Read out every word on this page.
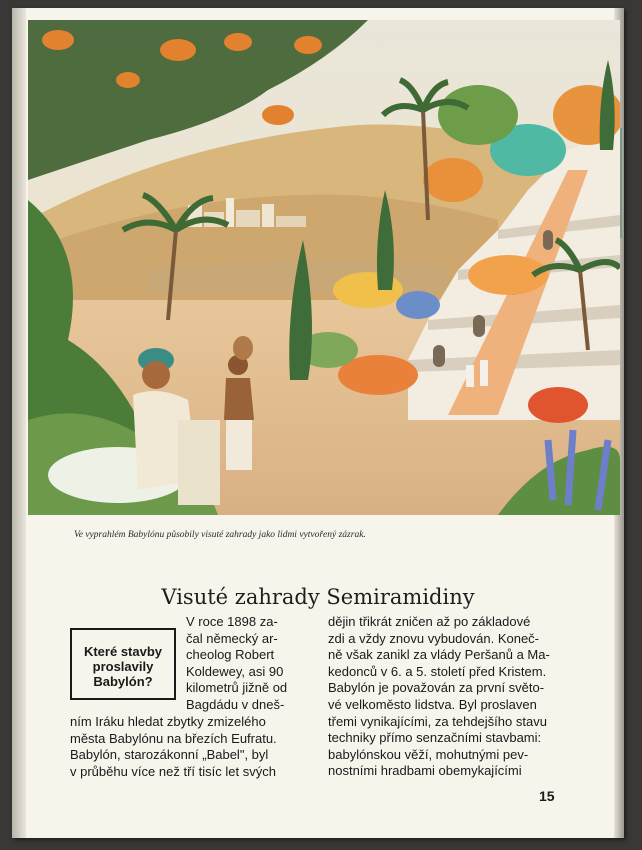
Ve vyprahlém Babylónu působily visuté zahrady jako lidmi vytvořený zázrak.
Visuté zahrady Semiramidiny
Které stavby
proslavily
Babylón?

V roce 1898 za-
čal německý ar-
cheolog Robert
Koldewey, asi 90
kilometrů jižně od
Bagdádu v dneš-

ním Iráku hledat zbytky zmizelého
města Babylónu na březích Eufratu.
Babylón, starozákonní „Babel", byl
v průběhu více než tří tisíc let svých

dějin třikrát zničen až po základové
zdi a vždy znovu vybudován. Koneč-
ně však zanikl za vlády Peršanů a Ma-
kedonců v 6. a 5. století před Kristem.
Babylón je považován za první světo-
vé velkoměsto lidstva. Byl proslaven
třemi vynikajícími, za tehdejšího stavu
techniky přímo senzačními stavbami:
babylónskou věží, mohutnými pev-
nostními hradbami obemykajícími

15
